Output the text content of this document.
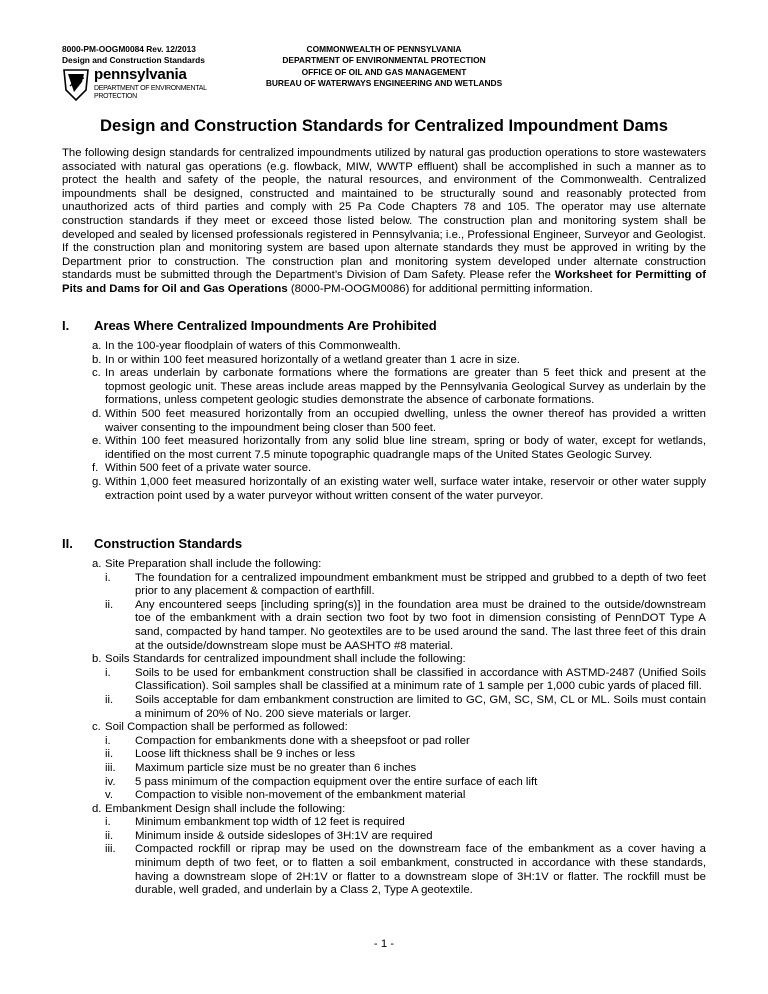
8000-PM-OOGM0084 Rev. 12/2013
Design and Construction Standards
pennsylvania
DEPARTMENT OF ENVIRONMENTAL
PROTECTION
COMMONWEALTH OF PENNSYLVANIA
DEPARTMENT OF ENVIRONMENTAL PROTECTION
OFFICE OF OIL AND GAS MANAGEMENT
BUREAU OF WATERWAYS ENGINEERING AND WETLANDS
Design and Construction Standards for Centralized Impoundment Dams
The following design standards for centralized impoundments utilized by natural gas production operations to store wastewaters associated with natural gas operations (e.g. flowback, MIW, WWTP effluent) shall be accomplished in such a manner as to protect the health and safety of the people, the natural resources, and environment of the Commonwealth. Centralized impoundments shall be designed, constructed and maintained to be structurally sound and reasonably protected from unauthorized acts of third parties and comply with 25 Pa Code Chapters 78 and 105. The operator may use alternate construction standards if they meet or exceed those listed below. The construction plan and monitoring system shall be developed and sealed by licensed professionals registered in Pennsylvania; i.e., Professional Engineer, Surveyor and Geologist. If the construction plan and monitoring system are based upon alternate standards they must be approved in writing by the Department prior to construction. The construction plan and monitoring system developed under alternate construction standards must be submitted through the Department’s Division of Dam Safety. Please refer the Worksheet for Permitting of Pits and Dams for Oil and Gas Operations (8000-PM-OOGM0086) for additional permitting information.
I. Areas Where Centralized Impoundments Are Prohibited
a. In the 100-year floodplain of waters of this Commonwealth.
b. In or within 100 feet measured horizontally of a wetland greater than 1 acre in size.
c. In areas underlain by carbonate formations where the formations are greater than 5 feet thick and present at the topmost geologic unit. These areas include areas mapped by the Pennsylvania Geological Survey as underlain by the formations, unless competent geologic studies demonstrate the absence of carbonate formations.
d. Within 500 feet measured horizontally from an occupied dwelling, unless the owner thereof has provided a written waiver consenting to the impoundment being closer than 500 feet.
e. Within 100 feet measured horizontally from any solid blue line stream, spring or body of water, except for wetlands, identified on the most current 7.5 minute topographic quadrangle maps of the United States Geologic Survey.
f. Within 500 feet of a private water source.
g. Within 1,000 feet measured horizontally of an existing water well, surface water intake, reservoir or other water supply extraction point used by a water purveyor without written consent of the water purveyor.
II. Construction Standards
a. Site Preparation shall include the following:
i. The foundation for a centralized impoundment embankment must be stripped and grubbed to a depth of two feet prior to any placement & compaction of earthfill.
ii. Any encountered seeps [including spring(s)] in the foundation area must be drained to the outside/downstream toe of the embankment with a drain section two foot by two foot in dimension consisting of PennDOT Type A sand, compacted by hand tamper. No geotextiles are to be used around the sand. The last three feet of this drain at the outside/downstream slope must be AASHTO #8 material.
b. Soils Standards for centralized impoundment shall include the following:
i. Soils to be used for embankment construction shall be classified in accordance with ASTMD-2487 (Unified Soils Classification). Soil samples shall be classified at a minimum rate of 1 sample per 1,000 cubic yards of placed fill.
ii. Soils acceptable for dam embankment construction are limited to GC, GM, SC, SM, CL or ML. Soils must contain a minimum of 20% of No. 200 sieve materials or larger.
c. Soil Compaction shall be performed as followed:
i. Compaction for embankments done with a sheepsfoot or pad roller
ii. Loose lift thickness shall be 9 inches or less
iii. Maximum particle size must be no greater than 6 inches
iv. 5 pass minimum of the compaction equipment over the entire surface of each lift
v. Compaction to visible non-movement of the embankment material
d. Embankment Design shall include the following:
i. Minimum embankment top width of 12 feet is required
ii. Minimum inside & outside sideslopes of 3H:1V are required
iii. Compacted rockfill or riprap may be used on the downstream face of the embankment as a cover having a minimum depth of two feet, or to flatten a soil embankment, constructed in accordance with these standards, having a downstream slope of 2H:1V or flatter to a downstream slope of 3H:1V or flatter. The rockfill must be durable, well graded, and underlain by a Class 2, Type A geotextile.
- 1 -
